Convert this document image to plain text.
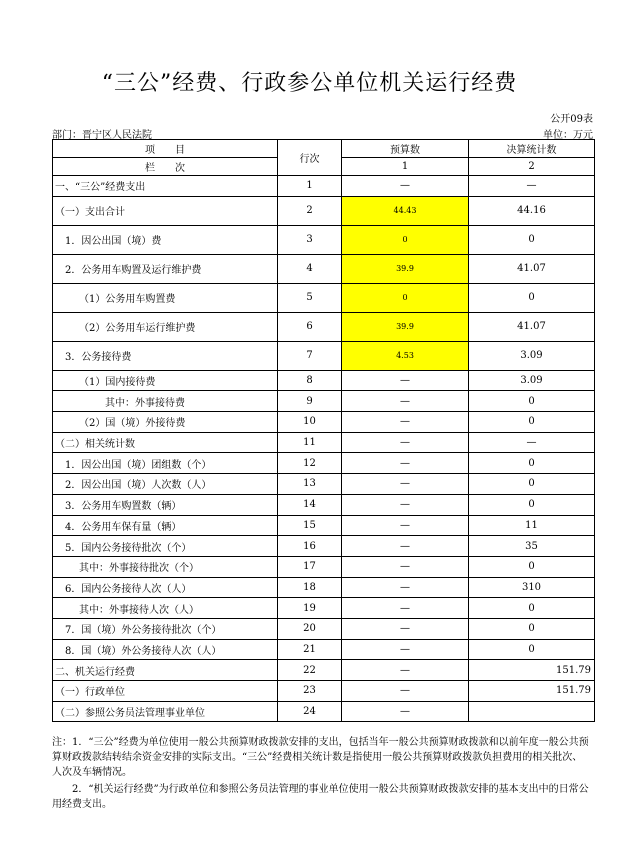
“三公”经费、行政参公单位机关运行经费
公开09表
部门：晋宁区人民法院	单位：万元
项　　目	行次	预算数	决算统计数
栏　　次		1	2
一、“三公”经费支出	1	—	—
（一）支出合计	2	44.43	44.16
1．因公出国（境）费	3	0	0
2．公务用车购置及运行维护费	4	39.9	41.07
（1）公务用车购置费	5	0	0
（2）公务用车运行维护费	6	39.9	41.07
3．公务接待费	7	4.53	3.09
（1）国内接待费	8	—	3.09
其中：外事接待费	9	—	0
（2）国（境）外接待费	10	—	0
（二）相关统计数	11	—	—
1．因公出国（境）团组数（个）	12	—	0
2．因公出国（境）人次数（人）	13	—	0
3．公务用车购置数（辆）	14	—	0
4．公务用车保有量（辆）	15	—	11
5．国内公务接待批次（个）	16	—	35
其中：外事接待批次（个）	17	—	0
6．国内公务接待人次（人）	18	—	310
其中：外事接待人次（人）	19	—	0
7．国（境）外公务接待批次（个）	20	—	0
8．国（境）外公务接待人次（人）	21	—	0
二、机关运行经费	22	—	151.79
（一）行政单位	23	—	151.79
（二）参照公务员法管理事业单位	24	—	

注：1．“三公”经费为单位使用一般公共预算财政拨款安排的支出，包括当年一般公共预算财政拨款和以前年度一般公共预算财政拨款结转结余资金安排的实际支出。“三公”经费相关统计数是指使用一般公共预算财政拨款负担费用的相关批次、人次及车辆情况。

　　2．“机关运行经费”为行政单位和参照公务员法管理的事业单位使用一般公共预算财政拨款安排的基本支出中的日常公用经费支出。
